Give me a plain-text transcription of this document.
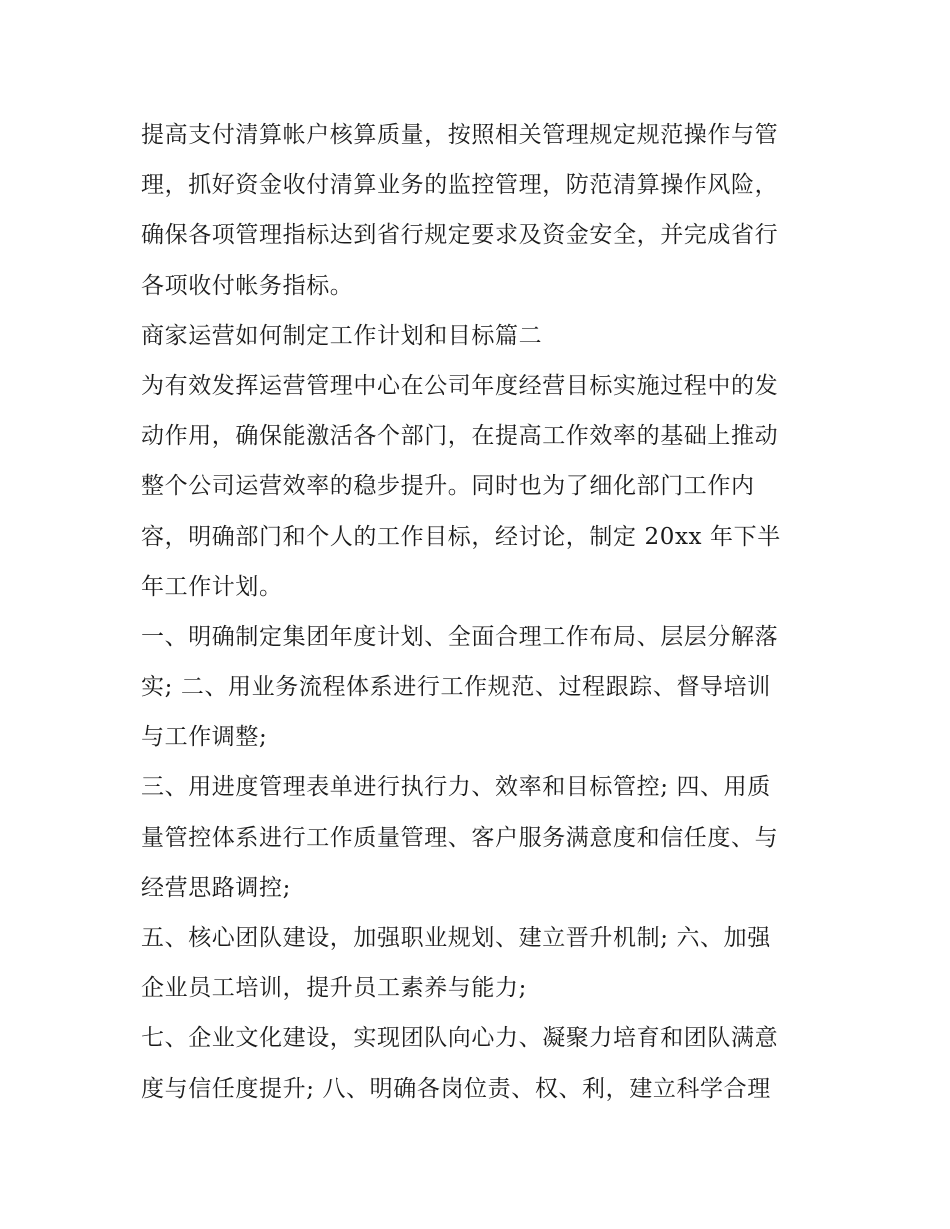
提高支付清算帐户核算质量，按照相关管理规定规范操作与管
理，抓好资金收付清算业务的监控管理，防范清算操作风险，
确保各项管理指标达到省行规定要求及资金安全，并完成省行
各项收付帐务指标。
商家运营如何制定工作计划和目标篇二
为有效发挥运营管理中心在公司年度经营目标实施过程中的发
动作用，确保能激活各个部门，在提高工作效率的基础上推动
整个公司运营效率的稳步提升。同时也为了细化部门工作内
容，明确部门和个人的工作目标，经讨论，制定 20xx 年下半
年工作计划。
一、明确制定集团年度计划、全面合理工作布局、层层分解落
实; 二、用业务流程体系进行工作规范、过程跟踪、督导培训
与工作调整;
三、用进度管理表单进行执行力、效率和目标管控; 四、用质
量管控体系进行工作质量管理、客户服务满意度和信任度、与
经营思路调控;
五、核心团队建设，加强职业规划、建立晋升机制; 六、加强
企业员工培训，提升员工素养与能力;
七、企业文化建设，实现团队向心力、凝聚力培育和团队满意
度与信任度提升; 八、明确各岗位责、权、利，建立科学合理
